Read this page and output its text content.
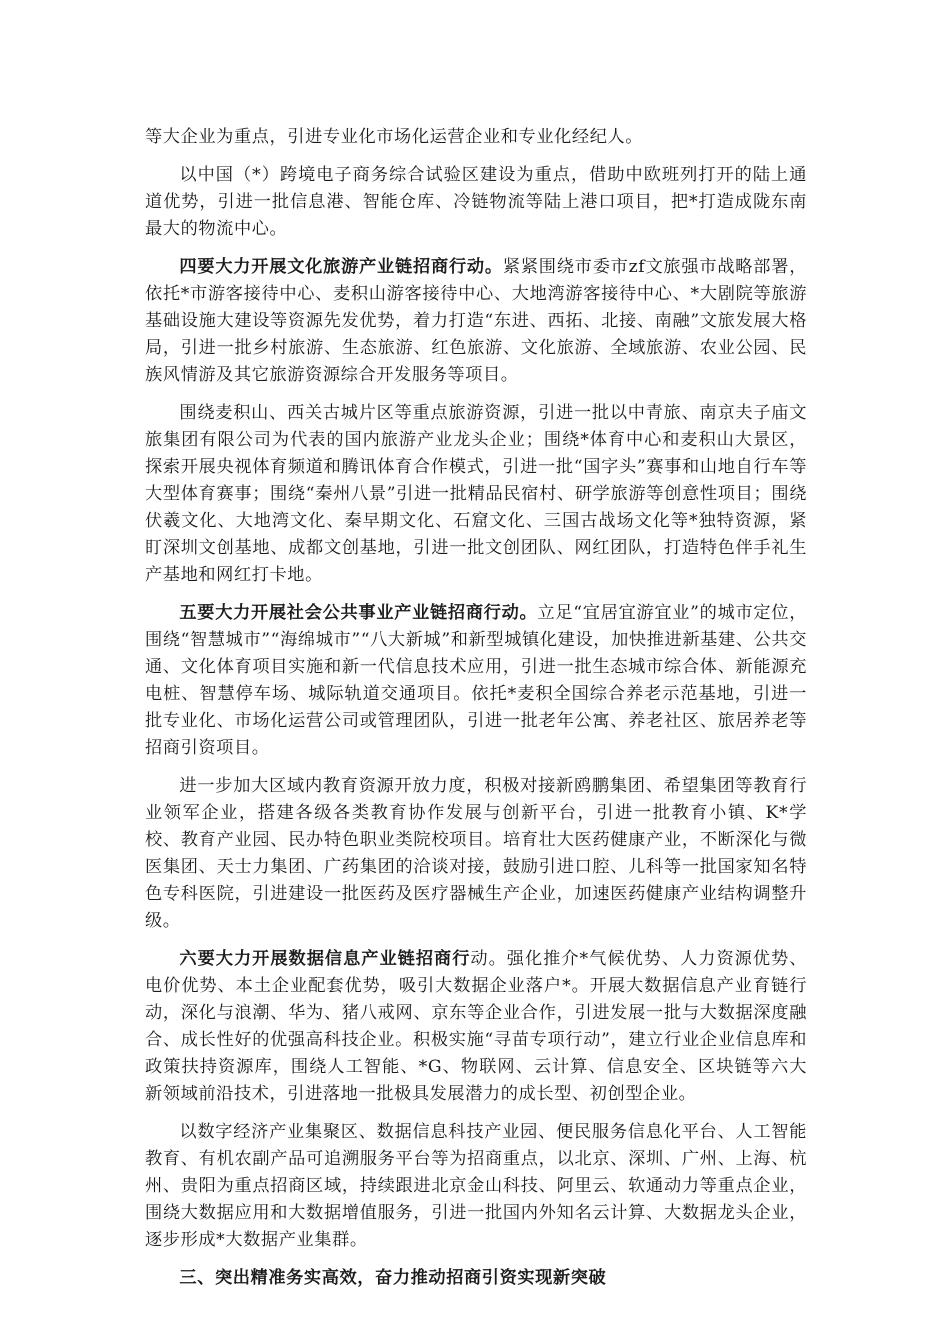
等大企业为重点，引进专业化市场化运营企业和专业化经纪人。

以中国（*）跨境电子商务综合试验区建设为重点，借助中欧班列打开的陆上通道优势，引进一批信息港、智能仓库、冷链物流等陆上港口项目，把*打造成陇东南最大的物流中心。

四要大力开展文化旅游产业链招商行动。紧紧围绕市委市zf文旅强市战略部署，依托*市游客接待中心、麦积山游客接待中心、大地湾游客接待中心、*大剧院等旅游基础设施大建设等资源先发优势，着力打造“东进、西拓、北接、南融”文旅发展大格局，引进一批乡村旅游、生态旅游、红色旅游、文化旅游、全域旅游、农业公园、民族风情游及其它旅游资源综合开发服务等项目。

围绕麦积山、西关古城片区等重点旅游资源，引进一批以中青旅、南京夫子庙文旅集团有限公司为代表的国内旅游产业龙头企业；围绕*体育中心和麦积山大景区，探索开展央视体育频道和腾讯体育合作模式，引进一批“国字头”赛事和山地自行车等大型体育赛事；围绕“秦州八景”引进一批精品民宿村、研学旅游等创意性项目；围绕伏羲文化、大地湾文化、秦早期文化、石窟文化、三国古战场文化等*独特资源，紧盯深圳文创基地、成都文创基地，引进一批文创团队、网红团队，打造特色伴手礼生产基地和网红打卡地。

五要大力开展社会公共事业产业链招商行动。立足“宜居宜游宜业”的城市定位，围绕“智慧城市”“海绵城市”“八大新城”和新型城镇化建设，加快推进新基建、公共交通、文化体育项目实施和新一代信息技术应用，引进一批生态城市综合体、新能源充电桩、智慧停车场、城际轨道交通项目。依托*麦积全国综合养老示范基地，引进一批专业化、市场化运营公司或管理团队，引进一批老年公寓、养老社区、旅居养老等招商引资项目。

进一步加大区域内教育资源开放力度，积极对接新鸥鹏集团、希望集团等教育行业领军企业，搭建各级各类教育协作发展与创新平台，引进一批教育小镇、K*学校、教育产业园、民办特色职业类院校项目。培育壮大医药健康产业，不断深化与微医集团、天士力集团、广药集团的洽谈对接，鼓励引进口腔、儿科等一批国家知名特色专科医院，引进建设一批医药及医疗器械生产企业，加速医药健康产业结构调整升级。

六要大力开展数据信息产业链招商行动。强化推介*气候优势、人力资源优势、电价优势、本土企业配套优势，吸引大数据企业落户*。开展大数据信息产业育链行动，深化与浪潮、华为、猪八戒网、京东等企业合作，引进发展一批与大数据深度融合、成长性好的优强高科技企业。积极实施“寻苗专项行动”，建立行业企业信息库和政策扶持资源库，围绕人工智能、*G、物联网、云计算、信息安全、区块链等六大新领域前沿技术，引进落地一批极具发展潜力的成长型、初创型企业。

以数字经济产业集聚区、数据信息科技产业园、便民服务信息化平台、人工智能教育、有机农副产品可追溯服务平台等为招商重点，以北京、深圳、广州、上海、杭州、贵阳为重点招商区域，持续跟进北京金山科技、阿里云、软通动力等重点企业，围绕大数据应用和大数据增值服务，引进一批国内外知名云计算、大数据龙头企业，逐步形成*大数据产业集群。

三、突出精准务实高效，奋力推动招商引资实现新突破
